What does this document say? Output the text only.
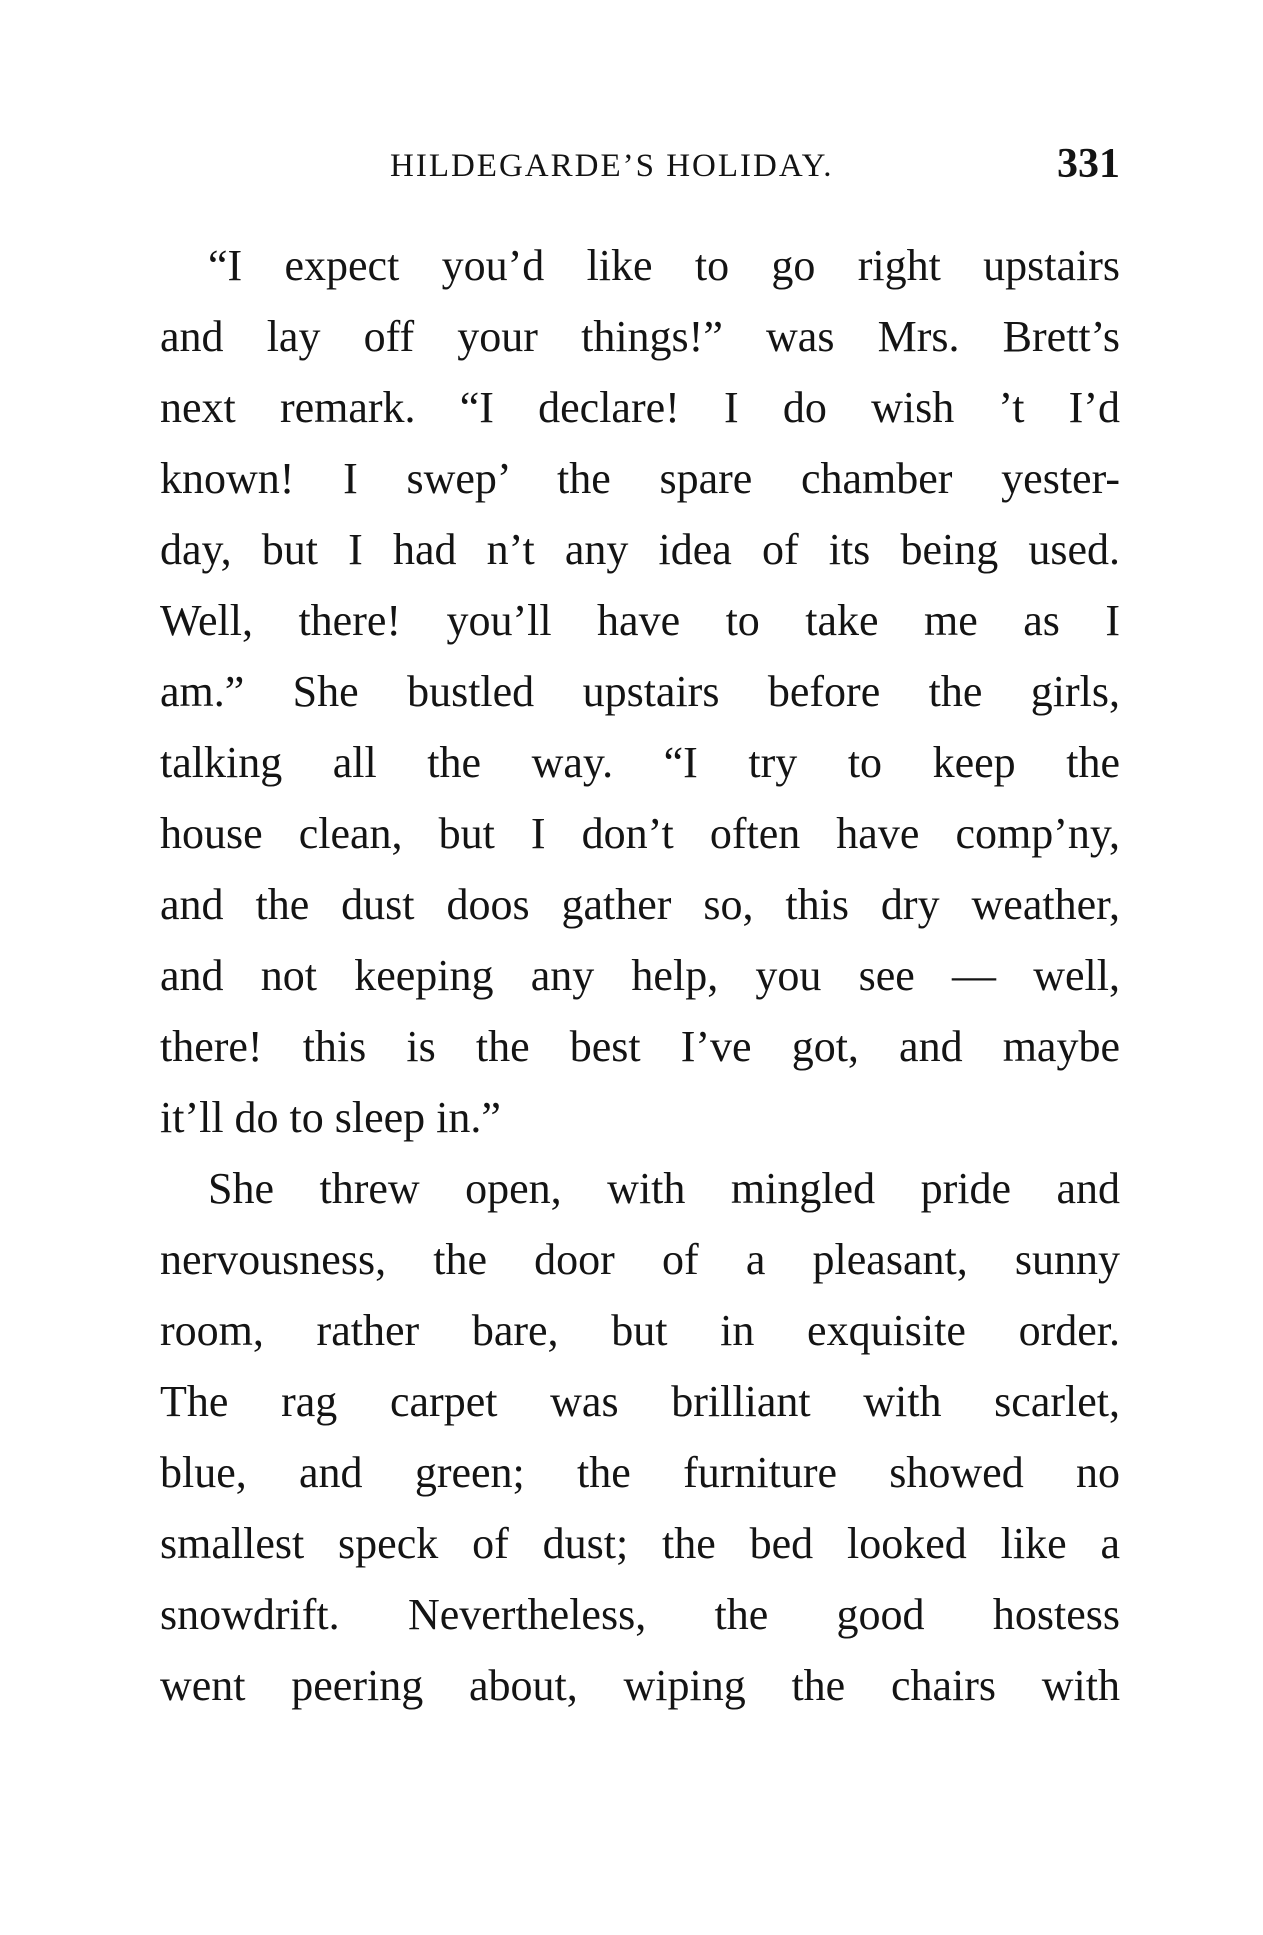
HILDEGARDE’S HOLIDAY.	331
“I expect you’d like to go right upstairs
and lay off your things!” was Mrs. Brett’s
next remark. “I declare! I do wish ’t I’d
known! I swep’ the spare chamber yester-
day, but I had n’t any idea of its being used.
Well, there! you’ll have to take me as I
am.” She bustled upstairs before the girls,
talking all the way. “I try to keep the
house clean, but I don’t often have comp’ny,
and the dust doos gather so, this dry weather,
and not keeping any help, you see — well,
there! this is the best I’ve got, and maybe
it’ll do to sleep in.”
She threw open, with mingled pride and
nervousness, the door of a pleasant, sunny
room, rather bare, but in exquisite order.
The rag carpet was brilliant with scarlet,
blue, and green; the furniture showed no
smallest speck of dust; the bed looked like a
snowdrift. Nevertheless, the good hostess
went peering about, wiping the chairs with
